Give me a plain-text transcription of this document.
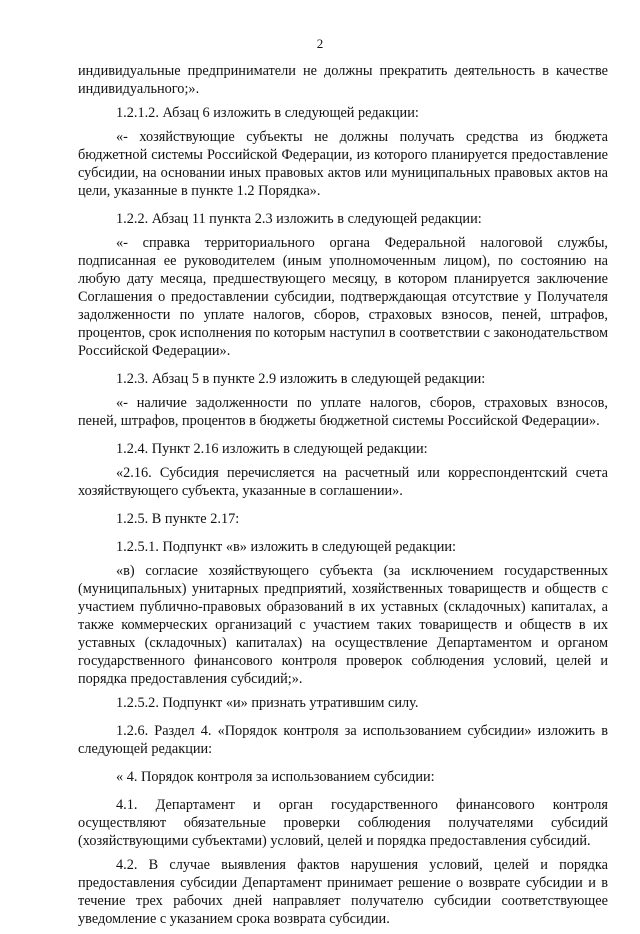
2

индивидуальные предприниматели не должны прекратить деятельность в качестве индивидуального;».

1.2.1.2. Абзац 6 изложить в следующей редакции:

«- хозяйствующие субъекты не должны получать средства из бюджета бюджетной системы Российской Федерации, из которого планируется предоставление субсидии, на основании иных правовых актов или муниципальных правовых актов на цели, указанные в пункте 1.2 Порядка».

1.2.2. Абзац 11 пункта 2.3 изложить в следующей редакции:

«- справка территориального органа Федеральной налоговой службы, подписанная ее руководителем (иным уполномоченным лицом), по состоянию на любую дату месяца, предшествующего месяцу, в котором планируется заключение Соглашения о предоставлении субсидии, подтверждающая отсутствие у Получателя задолженности по уплате налогов, сборов, страховых взносов, пеней, штрафов, процентов, срок исполнения по которым наступил в соответствии с законодательством Российской Федерации».

1.2.3. Абзац 5 в пункте 2.9 изложить в следующей редакции:

«- наличие задолженности по уплате налогов, сборов, страховых взносов, пеней, штрафов, процентов в бюджеты бюджетной системы Российской Федерации».

1.2.4. Пункт 2.16 изложить в следующей редакции:

«2.16. Субсидия перечисляется на расчетный или корреспондентский счета хозяйствующего субъекта, указанные в соглашении».

1.2.5. В пункте 2.17:

1.2.5.1. Подпункт «в» изложить в следующей редакции:

«в) согласие хозяйствующего субъекта (за исключением государственных (муниципальных) унитарных предприятий, хозяйственных товариществ и обществ с участием публично-правовых образований в их уставных (складочных) капиталах, а также коммерческих организаций с участием таких товариществ и обществ в их уставных (складочных) капиталах) на осуществление Департаментом и органом государственного финансового контроля проверок соблюдения условий, целей и порядка предоставления субсидий;».

1.2.5.2. Подпункт «и» признать утратившим силу.

1.2.6. Раздел 4. «Порядок контроля за использованием субсидии» изложить в следующей редакции:

« 4. Порядок контроля за использованием субсидии:

4.1. Департамент и орган государственного финансового контроля осуществляют обязательные проверки соблюдения получателями субсидий (хозяйствующими субъектами) условий, целей и порядка предоставления субсидий.

4.2. В случае выявления фактов нарушения условий, целей и порядка предоставления субсидии Департамент принимает решение о возврате субсидии и в течение трех рабочих дней направляет получателю субсидии соответствующее уведомление с указанием срока возврата субсидии.
